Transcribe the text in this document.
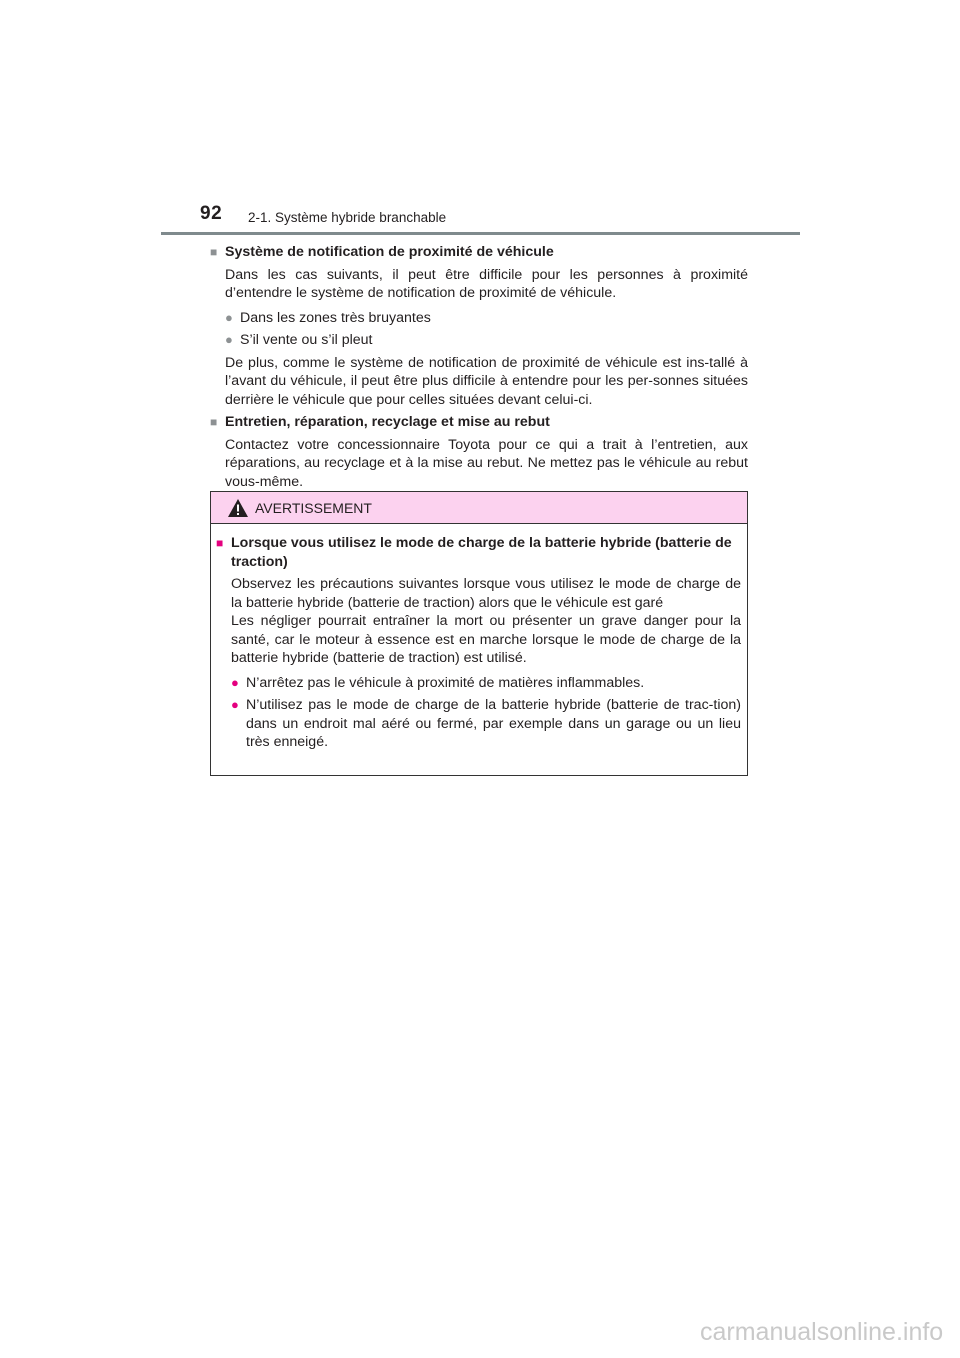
92 2-1. Système hybride branchable
■ Système de notification de proximité de véhicule
Dans les cas suivants, il peut être difficile pour les personnes à proximité d’entendre le système de notification de proximité de véhicule.
● Dans les zones très bruyantes
● S’il vente ou s’il pleut
De plus, comme le système de notification de proximité de véhicule est ins-tallé à l’avant du véhicule, il peut être plus difficile à entendre pour les per-sonnes situées derrière le véhicule que pour celles situées devant celui-ci.
■ Entretien, réparation, recyclage et mise au rebut
Contactez votre concessionnaire Toyota pour ce qui a trait à l’entretien, aux réparations, au recyclage et à la mise au rebut. Ne mettez pas le véhicule au rebut vous-même.
AVERTISSEMENT
■ Lorsque vous utilisez le mode de charge de la batterie hybride (batterie de traction)
Observez les précautions suivantes lorsque vous utilisez le mode de charge de la batterie hybride (batterie de traction) alors que le véhicule est garé
Les négliger pourrait entraîner la mort ou présenter un grave danger pour la santé, car le moteur à essence est en marche lorsque le mode de charge de la batterie hybride (batterie de traction) est utilisé.
● N’arrêtez pas le véhicule à proximité de matières inflammables.
● N’utilisez pas le mode de charge de la batterie hybride (batterie de trac-tion) dans un endroit mal aéré ou fermé, par exemple dans un garage ou un lieu très enneigé.
carmanualsonline.info
